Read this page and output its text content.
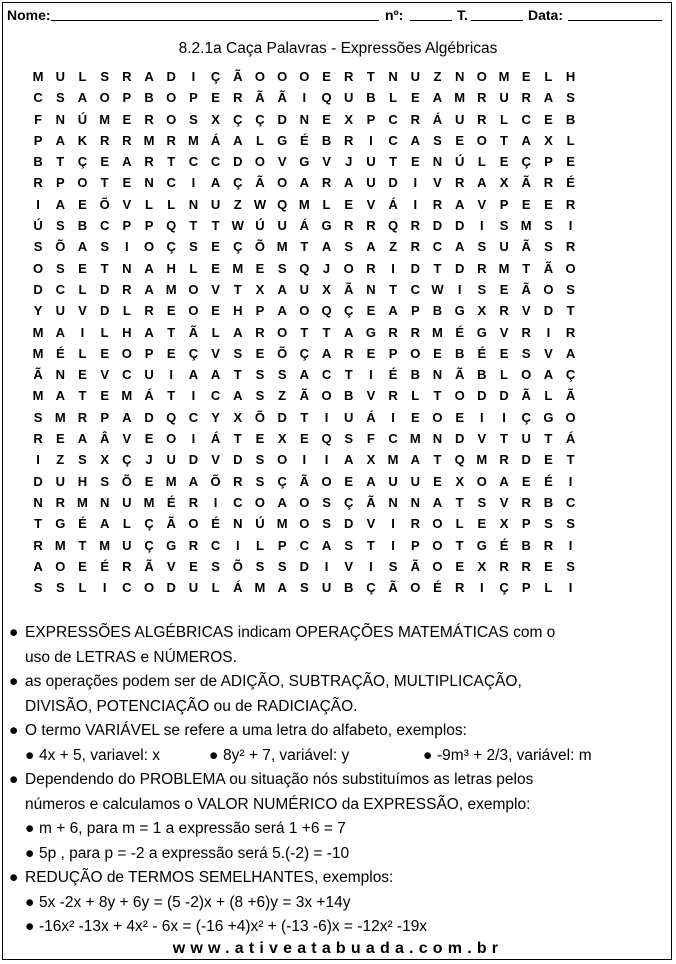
Nome:	nº:	T.	Data:
8.2.1a Caça Palavras - Expressões Algébricas
M U	L	S	R A D	I	Ç Ã O O O E	R	T	N U	Z	N O M E	L	H
C	S	A O P	B O P	E	R Ã Ã	I	Q U B	L	E	A M R U R A	S
F	N Ú M E	R O S	X	Ç Ç D N	E	X	P	C R Á U R	L	C	E	B
P	A K R R M R M Á A	L	G É	B R	I	C A	S	E O	T	A	X	L
B	T	Ç	E	A R	T	C C D O V G V	J	U	T	E	N Ú	L	E	Ç	P	E
R	P O	T	E	N C	I	A Ç Ã O A R A U D	I	V	R A	X	Ã R	É
I	A	E Õ V	L	L	N U	Z W Q M L	E	V	Á	I	R A	V	P	E	E	R
Ú	S	B C	P	P Q	T	T W Ú U Á G R R Q R D D	I	S M S	I
S Õ A	S	I	O Ç	S	E	Ç Õ M T	A	S	A	Z	R C A	S	U Ã	S	R
O S	E	T	N A H	L	E M E	S Q	J	O R	I	D	T	D R M T	Ã O
D C	L	D R A M O V	T	X	A U	X	Ã N	T	C W	I	S	E	Ã O S
Y	U	V	D	L	R	E O E	H	P	A O Q Ç	E	A	P	B G X	R	V	D	T
M A	I	L	H A	T	Ã	L	A R O	T	T	A G R R M É G V	R	I	R
M É	L	E O P	E	Ç	V	S	E Õ Ç A R	E	P O E	B	É	E	S	V	A
Ã N	E	V	C U	I	A A	T	S	S	A C	T	I	É	B N Ã B	L	O A Ç
M A	T	E M Á	T	I	C A	S	Z	Ã O B	V	R	L	T	O D D Ã	L	Ã
S M R	P	A D Q C	Y	X Õ D	T	I	U Á	I	E O E	I	I	Ç G O
R	E	A Â	V	E O	I	Á	T	E	X	E Q S	F	C M N D	V	T	U	T	Á
I	Z	S	X	Ç	J	U D	V	D	S O	I	I	A	X M A	T	Q M R D	E	T
D U H	S Õ E M A Õ R	S	Ç Ã O E	A U U	E	X O A	E	É	I
N R M N U M É	R	I	C O A O S	Ç Ã N N A	T	S	V	R B C
T	G É	A	L	Ç Ã O É	N Ú M O S	D	V	I	R O	L	E	X	P	S	S
R M T M U Ç G R C	I	L	P	C A	S	T	I	P O	T	G É	B R	I
A O E	É	R Ã	V	E	S Õ S	S	D	I	V	I	S	Ã O E	X	R R	E	S
S	S	L	I	C O D U	L	Á M A	S	U B Ç Ã O É	R	I	Ç	P	L	I
● EXPRESSÕES ALGÉBRICAS indicam OPERAÇÕES MATEMÁTICAS com o
uso de LETRAS e NÚMEROS.
● as operações podem ser de ADIÇÃO, SUBTRAÇÃO, MULTIPLICAÇÃO,
DIVISÃO, POTENCIAÇÃO ou de RADICIAÇÃO.
● O termo VARIÁVEL se refere a uma letra do alfabeto, exemplos:
● 4x + 5, variavel: x	● 8y² + 7, variável: y	● -9m³ + 2/3, variável: m
● Dependendo do PROBLEMA ou situação nós substituímos as letras pelos
números e calculamos o VALOR NUMÉRICO da EXPRESSÃO, exemplo:
● m + 6, para m = 1 a expressão será 1 +6 = 7
● 5p , para p = -2 a expressão será 5.(-2) = -10
● REDUÇÃO de TERMOS SEMELHANTES, exemplos:
● 5x -2x + 8y + 6y = (5 -2)x + (8 +6)y = 3x +14y
● -16x² -13x + 4x² - 6x = (-16 +4)x² + (-13 -6)x = -12x² -19x
www.ativeatabuada.com.br
